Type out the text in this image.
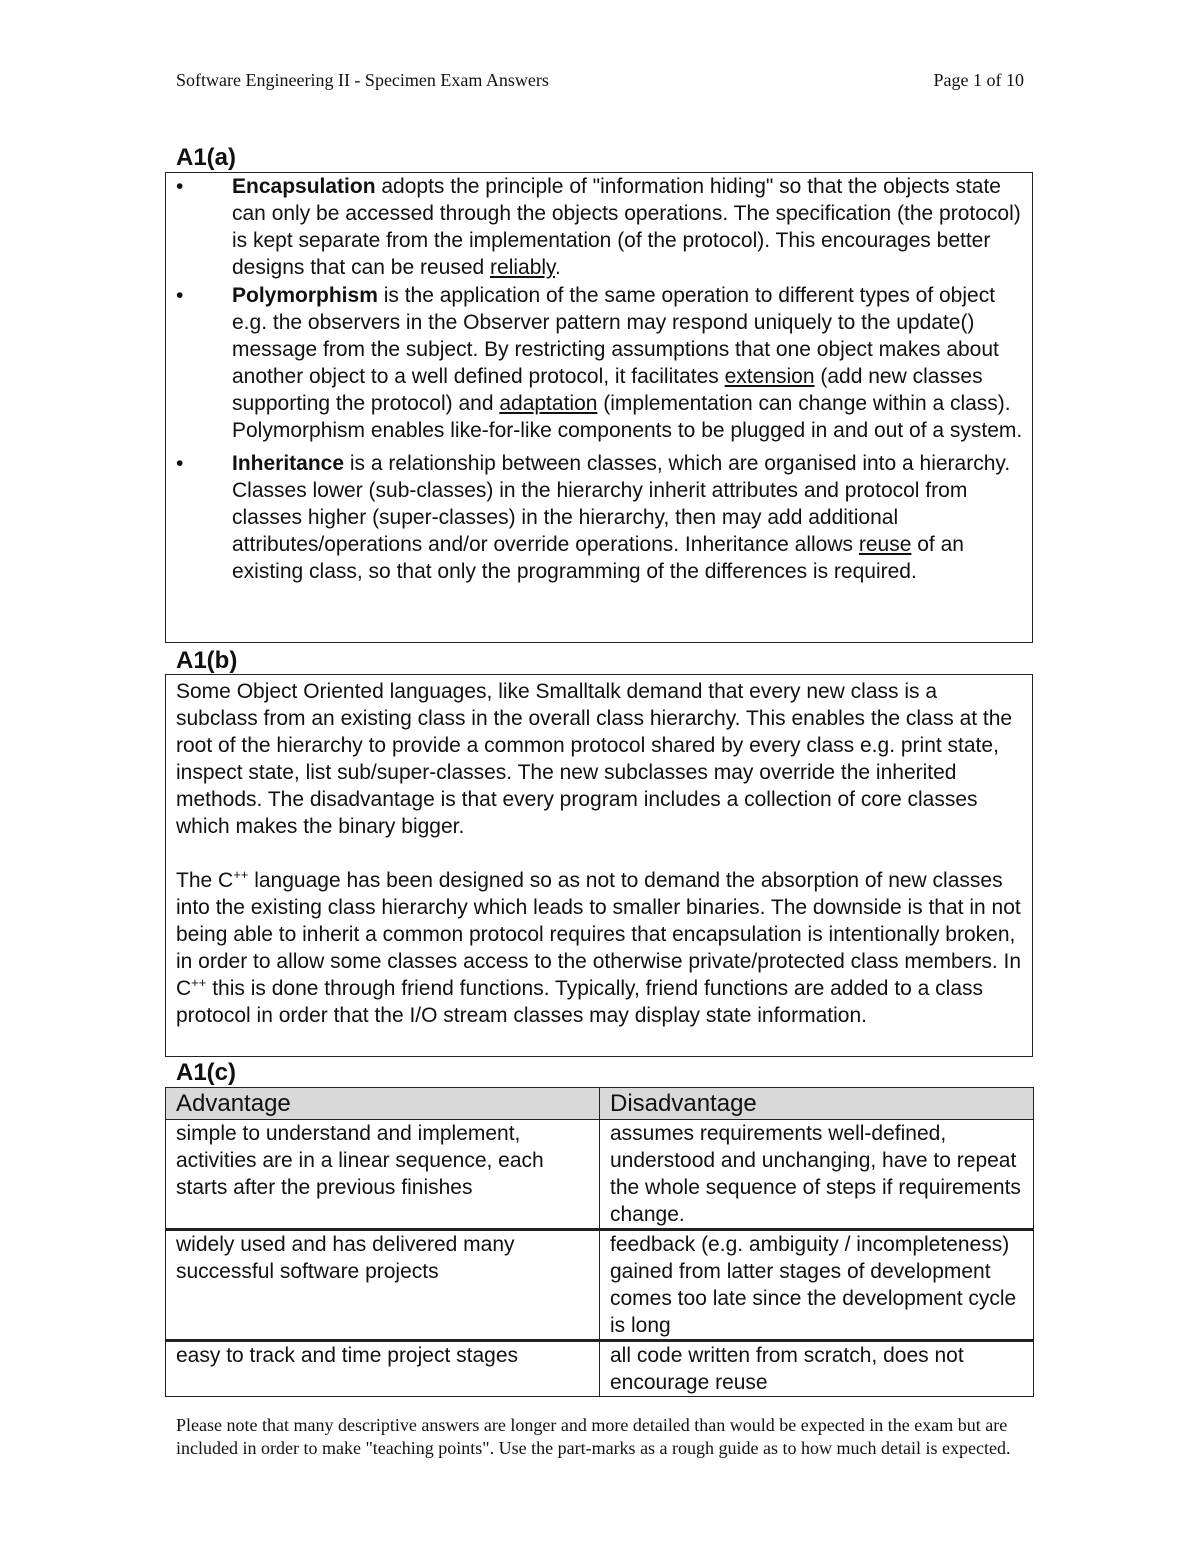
Software Engineering II - Specimen Exam Answers	Page 1 of 10
A1(a)
• Encapsulation adopts the principle of "information hiding" so that the objects state can only be accessed through the objects operations. The specification (the protocol) is kept separate from the implementation (of the protocol). This encourages better designs that can be reused reliably.
• Polymorphism is the application of the same operation to different types of object e.g. the observers in the Observer pattern may respond uniquely to the update() message from the subject. By restricting assumptions that one object makes about another object to a well defined protocol, it facilitates extension (add new classes supporting the protocol) and adaptation (implementation can change within a class). Polymorphism enables like-for-like components to be plugged in and out of a system.
• Inheritance is a relationship between classes, which are organised into a hierarchy. Classes lower (sub-classes) in the hierarchy inherit attributes and protocol from classes higher (super-classes) in the hierarchy, then may add additional attributes/operations and/or override operations. Inheritance allows reuse of an existing class, so that only the programming of the differences is required.
A1(b)

Some Object Oriented languages, like Smalltalk demand that every new class is a subclass from an existing class in the overall class hierarchy. This enables the class at the root of the hierarchy to provide a common protocol shared by every class e.g. print state, inspect state, list sub/super-classes. The new subclasses may override the inherited methods. The disadvantage is that every program includes a collection of core classes which makes the binary bigger.

The C++ language has been designed so as not to demand the absorption of new classes into the existing class hierarchy which leads to smaller binaries. The downside is that in not being able to inherit a common protocol requires that encapsulation is intentionally broken, in order to allow some classes access to the otherwise private/protected class members. In C++ this is done through friend functions. Typically, friend functions are added to a class protocol in order that the I/O stream classes may display state information.

A1(c)
Advantage	Disadvantage
simple to understand and implement, activities are in a linear sequence, each starts after the previous finishes	assumes requirements well-defined, understood and unchanging, have to repeat the whole sequence of steps if requirements change.
widely used and has delivered many successful software projects	feedback (e.g. ambiguity / incompleteness) gained from latter stages of development comes too late since the development cycle is long
easy to track and time project stages	all code written from scratch, does not encourage reuse
Please note that many descriptive answers are longer and more detailed than would be expected in the exam but are included in order to make "teaching points". Use the part-marks as a rough guide as to how much detail is expected.
